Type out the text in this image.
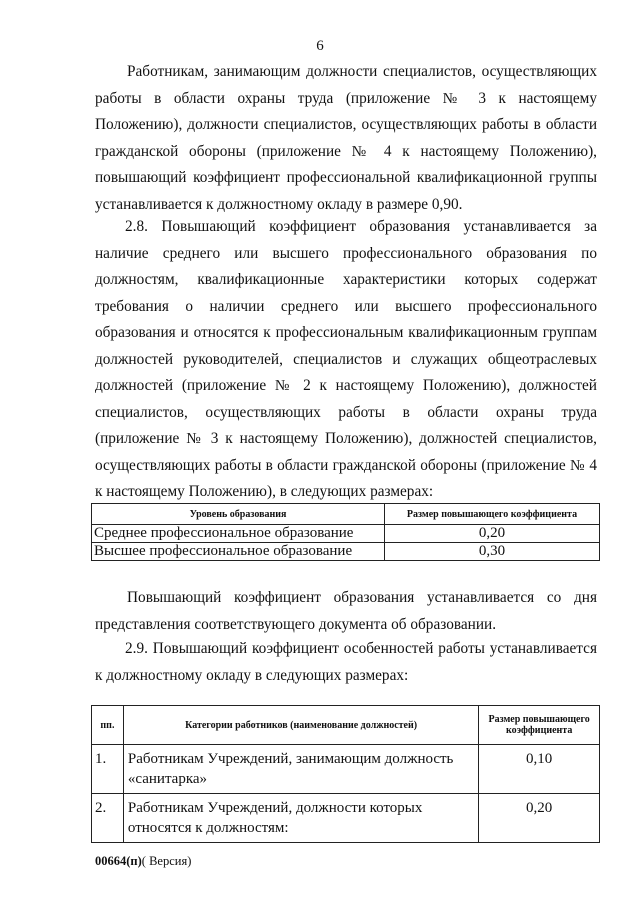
6

Работникам, занимающим должности специалистов, осуществляющих работы в области охраны труда (приложение № 3 к настоящему Положению), должности специалистов, осуществляющих работы в области гражданской обороны (приложение № 4 к настоящему Положению), повышающий коэффициент профессиональной квалификационной группы устанавливается к должностному окладу в размере 0,90.

2.8. Повышающий коэффициент образования устанавливается за наличие среднего или высшего профессионального образования по должностям, квалификационные характеристики которых содержат требования о наличии среднего или высшего профессионального образования и относятся к профессиональным квалификационным группам должностей руководителей, специалистов и служащих общеотраслевых должностей (приложение № 2 к настоящему Положению), должностей специалистов, осуществляющих работы в области охраны труда (приложение № 3 к настоящему Положению), должностей специалистов, осуществляющих работы в области гражданской обороны (приложение № 4 к настоящему Положению), в следующих размерах:

Уровень образования	Размер повышающего коэффициента
Среднее профессиональное образование	0,20
Высшее профессиональное образование	0,30

Повышающий коэффициент образования устанавливается со дня представления соответствующего документа об образовании.

2.9. Повышающий коэффициент особенностей работы устанавливается к должностному окладу в следующих размерах:

пп.	Категории работников (наименование должностей)	Размер повышающего коэффициента
1.	Работникам Учреждений, занимающим должность «санитарка»	0,10
2.	Работникам Учреждений, должности которых относятся к должностям:	0,20
00664(п)( Версия)
